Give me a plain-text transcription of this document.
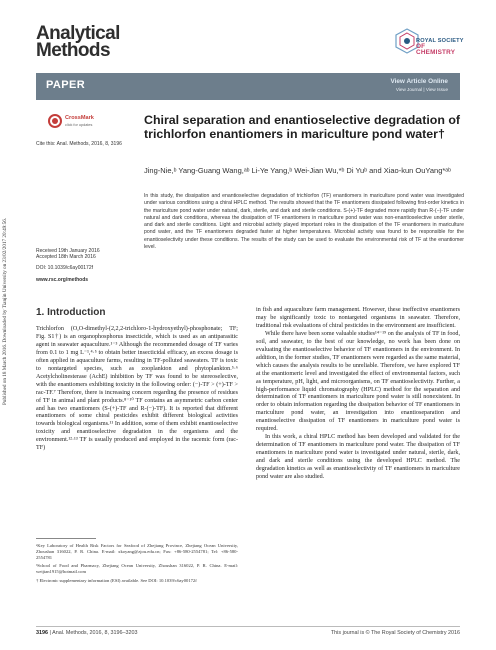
Published on 18 March 2016. Downloaded by Tianjin University on 23/02/2017 20:49:56.
Analytical
Methods	ROYAL SOCIETY
OF CHEMISTRY
PAPER	View Article Online
View Journal | View Issue
CrossMark
click for updates
Cite this: Anal. Methods, 2016, 8, 3196
Received 19th January 2016
Accepted 18th March 2016
DOI: 10.1039/c6ay00172f
www.rsc.org/methods
Chiral separation and enantioselective degradation of trichlorfon enantiomers in mariculture pond water†
Jing-Nie,ᵇ Yang-Guang Wang,ᵃᵇ Li-Ye Yang,ᵇ Wei-Jian Wu,*ᵇ Di Yuᵇ and Xiao-kun OuYang*ᵃᵇ
In this study, the dissipation and enantioselective degradation of trichlorfon (TF) enantiomers in mariculture pond water was investigated under various conditions using a chiral HPLC method. The results showed that the TF enantiomers dissipated following first-order kinetics in the mariculture pond water under natural, dark, sterile, and dark and sterile conditions. S-(+)-TF degraded more rapidly than R-(−)-TF under natural and dark conditions, whereas the dissipation of TF enantiomers in mariculture pond water was non-enantioselective under sterile, and dark and sterile conditions. Light and microbial activity played important roles in the dissipation of the TF enantiomers in mariculture pond water, and the TF enantiomers degraded faster at higher temperatures. Microbial activity was found to be responsible for the enantioselectivity under these conditions. The results of the study can be used to evaluate the environmental risk of TF at the enantiomer level.
1. Introduction

Trichlorfon (O,O-dimethyl-(2,2,2-trichloro-1-hydroxyethyl)-phosphonate; TF; Fig. S1†) is an organophosphorus insecticide, which is used as an antiparasitic agent in seawater aquaculture.¹⁻³ Although the recommended dosage of TF varies from 0.1 to 1 mg L⁻¹,⁴·⁵ to obtain better insecticidal efficacy, an excess dosage is often applied in aquaculture farms, resulting in TF-polluted seawaters. TF is toxic to nontargeted species, such as zooplankton and phytoplankton.⁵·⁶ Acetylcholinesterase (AchE) inhibition by TF was found to be stereoselective, with the enantiomers exhibiting toxicity in the following order: (−)-TF > (+)-TF > rac-TF.⁷ Therefore, there is increasing concern regarding the presence of residues of TF in animal and plant products.⁸⁻¹⁰ TF contains an asymmetric carbon center and has two enantiomers (S-(+)-TF and R-(−)-TF). It is reported that different enantiomers of some chiral pesticides exhibit different biological activities towards biological organisms.¹¹ In addition, some of them exhibit enantioselective toxicity and enantioselective degradation in the organisms and the environment.¹²·¹³ TF is usually produced and employed in the racemic form (rac-TF)

in fish and aquaculture farm management. However, these ineffective enantiomers may be significantly toxic to nontargeted organisms in seawater. Therefore, traditional risk evaluations of chiral pesticides in the environment are insufficient.

While there have been some valuable studies¹⁴⁻¹⁹ on the analysis of TF in food, soil, and seawater, to the best of our knowledge, no work has been done on evaluating the enantioselective behavior of TF enantiomers in the environment. In addition, in the former studies, TF enantiomers were regarded as the same material, which causes the analysis results to be unreliable. Therefore, we have explored TF at the enantiomeric level and investigated the effect of environmental factors, such as temperature, pH, light, and microorganisms, on TF enantioselectivity. Further, a high-performance liquid chromatography (HPLC) method for the separation and determination of TF enantiomers in mariculture pond water is still nonexistent. In order to obtain information regarding the dissipation behavior of TF enantiomers in mariculture pond water, an investigation into enantioseparation and enantioselective dissipation of TF enantiomers in mariculture pond water is required.

In this work, a chiral HPLC method has been developed and validated for the determination of TF enantiomers in mariculture pond water. The dissipation of TF enantiomers in mariculture pond water is investigated under natural, sterile, dark, and dark and sterile conditions using the developed HPLC method. The degradation kinetics as well as enantioselectivity of TF enantiomers in mariculture pond water are also studied.

ᵃKey Laboratory of Health Risk Factors for Seafood of Zhejiang Province, Zhejiang Ocean University, Zhoushan 316022, P. R. China. E-mail: xkoyang@zjou.edu.cn; Fax: +86-580-2554781; Tel: +86-580-2554781

ᵇSchool of Food and Pharmacy, Zhejiang Ocean University, Zhoushan 316022, P. R. China. E-mail: weijian1915@hotmail.com

† Electronic supplementary information (ESI) available. See DOI: 10.1039/c6ay00172f

3196 | Anal. Methods, 2016, 8, 3196–3203	This journal is © The Royal Society of Chemistry 2016
